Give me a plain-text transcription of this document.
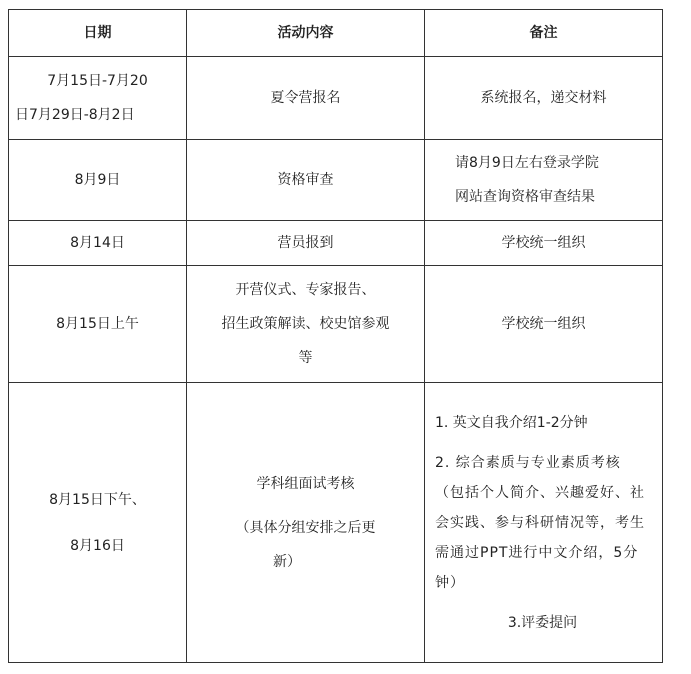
日期	活动内容	备注

7月15日-7月20
日7月29日-8月2日	夏令营报名	系统报名，递交材料
8月9日	资格审查	请8月9日左右登录学院
网站查询资格审查结果

8月14日	营员报到	学校统一组织
8月15日上午	开营仪式、专家报告、
招生政策解读、校史馆参观
等	学校统一组织

8月15日下午、
8月16日	学科组面试考核
（具体分组安排之后更
新）	1. 英文自我介绍1-2分钟
2. 综合素质与专业素质考核（包括个人简介、兴趣爱好、社会实践、参与科研情况等，考生需通过PPT进行中文介绍，5分钟）
3.评委提问
